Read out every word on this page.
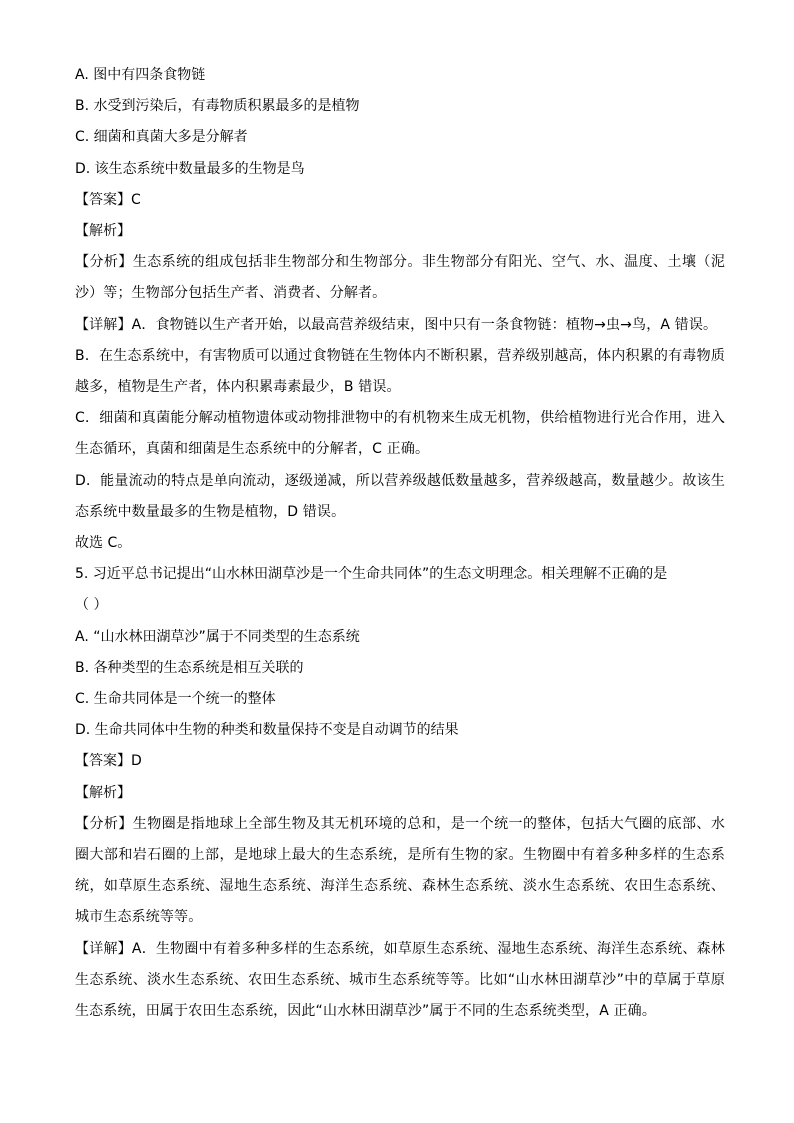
A. 图中有四条食物链
B. 水受到污染后，有毒物质积累最多的是植物
C. 细菌和真菌大多是分解者
D. 该生态系统中数量最多的生物是鸟
【答案】C
【解析】
【分析】生态系统的组成包括非生物部分和生物部分。非生物部分有阳光、空气、水、温度、土壤（泥沙）等；生物部分包括生产者、消费者、分解者。
【详解】A．食物链以生产者开始，以最高营养级结束，图中只有一条食物链：植物→虫→鸟，A 错误。
B．在生态系统中，有害物质可以通过食物链在生物体内不断积累，营养级别越高，体内积累的有毒物质越多，植物是生产者，体内积累毒素最少，B 错误。
C．细菌和真菌能分解动植物遗体或动物排泄物中的有机物来生成无机物，供给植物进行光合作用，进入生态循环，真菌和细菌是生态系统中的分解者，C 正确。
D．能量流动的特点是单向流动，逐级递减，所以营养级越低数量越多，营养级越高，数量越少。故该生态系统中数量最多的生物是植物，D 错误。
故选 C。
5. 习近平总书记提出“山水林田湖草沙是一个生命共同体”的生态文明理念。相关理解不正确的是
（ ）
A. “山水林田湖草沙”属于不同类型的生态系统
B. 各种类型的生态系统是相互关联的
C. 生命共同体是一个统一的整体
D. 生命共同体中生物的种类和数量保持不变是自动调节的结果
【答案】D
【解析】
【分析】生物圈是指地球上全部生物及其无机环境的总和，是一个统一的整体，包括大气圈的底部、水圈大部和岩石圈的上部，是地球上最大的生态系统，是所有生物的家。生物圈中有着多种多样的生态系统，如草原生态系统、湿地生态系统、海洋生态系统、森林生态系统、淡水生态系统、农田生态系统、城市生态系统等等。
【详解】A．生物圈中有着多种多样的生态系统，如草原生态系统、湿地生态系统、海洋生态系统、森林生态系统、淡水生态系统、农田生态系统、城市生态系统等等。比如“山水林田湖草沙”中的草属于草原生态系统，田属于农田生态系统，因此“山水林田湖草沙”属于不同的生态系统类型，A 正确。
